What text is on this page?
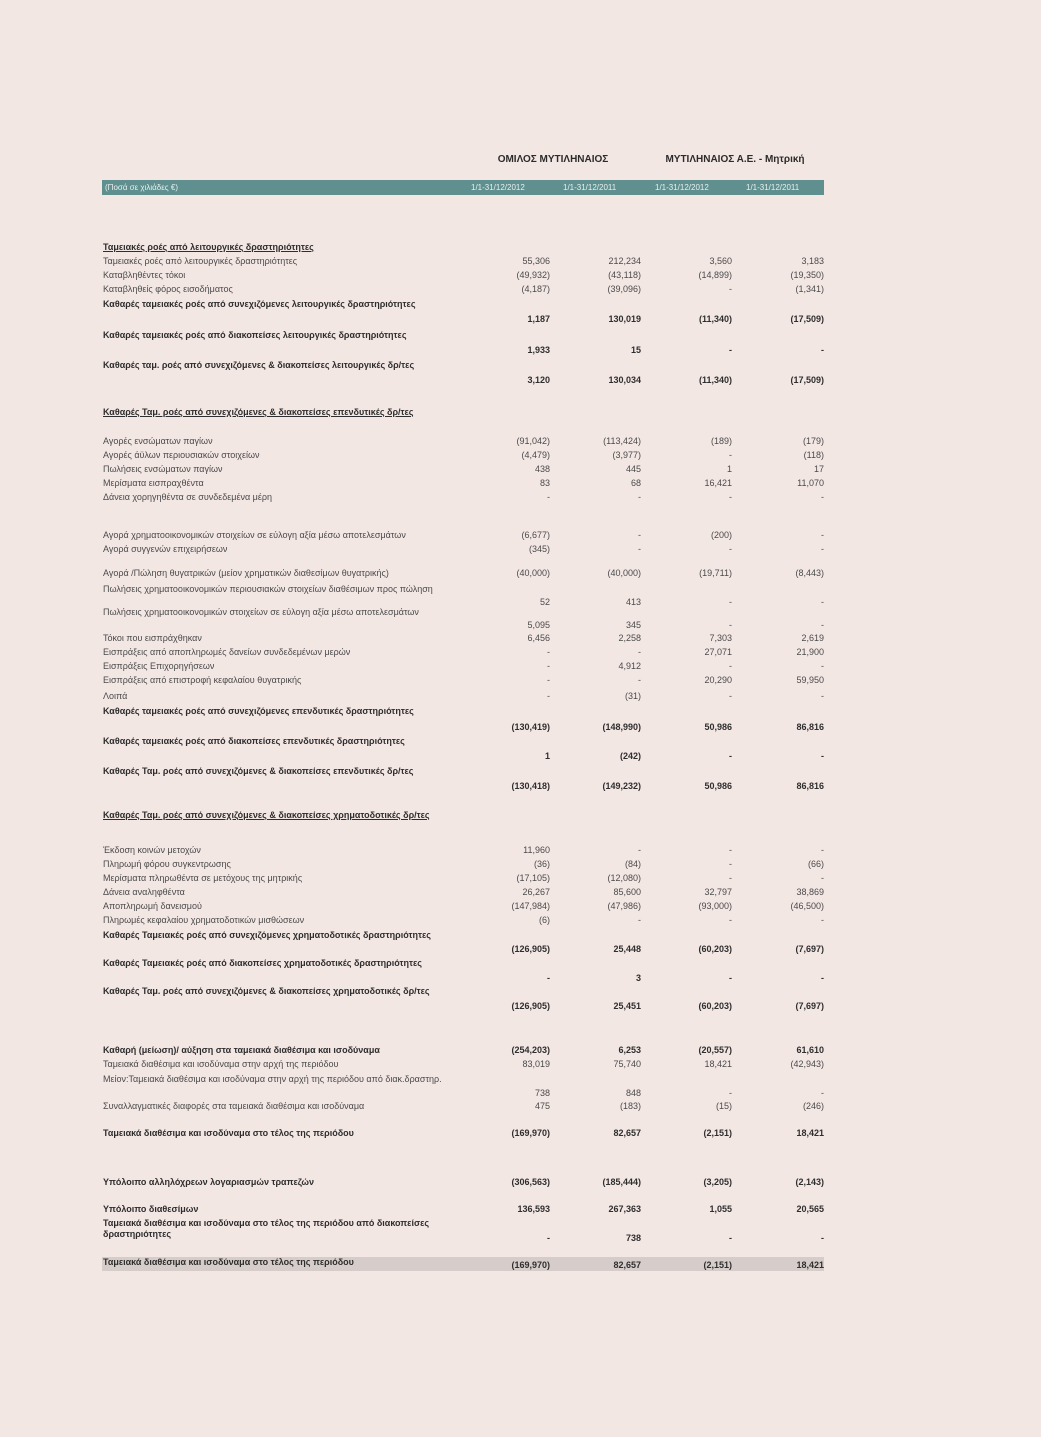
ΟΜΙΛΟΣ ΜΥΤΙΛΗΝΑΙΟΣ	ΜΥΤΙΛΗΝΑΙΟΣ Α.Ε. - Μητρική
(Ποσά σε χιλιάδες €)	1/1-31/12/2012	1/1-31/12/2011	1/1-31/12/2012	1/1-31/12/2011
Ταμειακές ροές από λειτουργικές δραστηριότητες
Ταμειακές ροές από λειτουργικές δραστηριότητες	55,306	212,234	3,560	3,183
Καταβληθέντες τόκοι	(49,932)	(43,118)	(14,899)	(19,350)
Καταβληθείς φόρος εισοδήματος	(4,187)	(39,096)	-	(1,341)
Καθαρές ταμειακές ροές από συνεχιζόμενες λειτουργικές δραστηριότητες
1,187	130,019	(11,340)	(17,509)
Καθαρές ταμειακές ροές από διακοπείσες λειτουργικές δραστηριότητες
1,933	15	-	-
Καθαρές ταμ. ροές από συνεχιζόμενες & διακοπείσες λειτουργικές δρ/τες
3,120	130,034	(11,340)	(17,509)
Καθαρές Ταμ. ροές από συνεχιζόμενες & διακοπείσες επενδυτικές δρ/τες
Αγορές ενσώματων παγίων	(91,042)	(113,424)	(189)	(179)
Αγορές άϋλων περιουσιακών στοιχείων	(4,479)	(3,977)	-	(118)
Πωλήσεις ενσώματων παγίων	438	445	1	17
Μερίσματα εισπραχθέντα	83	68	16,421	11,070
Δάνεια χορηγηθέντα σε συνδεδεμένα μέρη	-	-	-	-
Αγορά χρηματοοικονομικών στοιχείων σε εύλογη αξία μέσω αποτελεσμάτων	(6,677)	-	(200)	-
Αγορά συγγενών επιχειρήσεων	(345)	-	-	-
Αγορά /Πώληση θυγατρικών (μείον χρηματικών διαθεσίμων θυγατρικής)	(40,000)	(40,000)	(19,711)	(8,443)
Πωλήσεις χρηματοοικονομικών περιουσιακών στοιχείων διαθέσιμων προς πώληση
52	413	-	-
Πωλήσεις χρηματοοικονομικών στοιχείων σε εύλογη αξία μέσω αποτελεσμάτων
5,095	345	-	-
Τόκοι που εισπράχθηκαν	6,456	2,258	7,303	2,619
Εισπράξεις από αποπληρωμές δανείων συνδεδεμένων μερών	-	-	27,071	21,900
Εισπράξεις Επιχορηγήσεων	-	4,912	-	-
Εισπράξεις από επιστροφή κεφαλαίου θυγατρικής	-	-	20,290	59,950
Λοιπά	-	(31)	-	-
Καθαρές ταμειακές ροές από συνεχιζόμενες επενδυτικές δραστηριότητες
(130,419)	(148,990)	50,986	86,816
Καθαρές ταμειακές ροές από διακοπείσες επενδυτικές δραστηριότητες
1	(242)	-	-
Καθαρές Ταμ. ροές από συνεχιζόμενες & διακοπείσες επενδυτικές δρ/τες
(130,418)	(149,232)	50,986	86,816
Καθαρές Ταμ. ροές από συνεχιζόμενες & διακοπείσες χρηματοδοτικές δρ/τες
Έκδοση κοινών μετοχών	11,960	-	-	-
Πληρωμή φόρου συγκεντρωσης	(36)	(84)	-	(66)
Μερίσματα πληρωθέντα σε μετόχους της μητρικής	(17,105)	(12,080)	-	-
Δάνεια αναληφθέντα	26,267	85,600	32,797	38,869
Αποπληρωμή δανεισμού	(147,984)	(47,986)	(93,000)	(46,500)
Πληρωμές κεφαλαίου χρηματοδοτικών μισθώσεων	(6)	-	-	-
Καθαρές Ταμειακές ροές από συνεχιζόμενες χρηματοδοτικές δραστηριότητες
(126,905)	25,448	(60,203)	(7,697)
Καθαρές Ταμειακές ροές από διακοπείσες χρηματοδοτικές δραστηριότητες
-	3	-	-
Καθαρές Ταμ. ροές από συνεχιζόμενες & διακοπείσες χρηματοδοτικές δρ/τες
(126,905)	25,451	(60,203)	(7,697)
Καθαρή (μείωση)/ αύξηση στα ταμειακά διαθέσιμα και ισοδύναμα	(254,203)	6,253	(20,557)	61,610
Ταμειακά διαθέσιμα και ισοδύναμα στην αρχή της περιόδου	83,019	75,740	18,421	(42,943)
Μείον:Ταμειακά διαθέσιμα και ισοδύναμα στην αρχή της περιόδου από διακ.δραστηρ.
738	848	-	-
Συναλλαγματικές διαφορές στα ταμειακά διαθέσιμα και ισοδύναμα	475	(183)	(15)	(246)
Ταμειακά διαθέσιμα και ισοδύναμα στο τέλος της περιόδου	(169,970)	82,657	(2,151)	18,421
Υπόλοιπο αλληλόχρεων λογαριασμών τραπεζών	(306,563)	(185,444)	(3,205)	(2,143)
Υπόλοιπο διαθεσίμων	136,593	267,363	1,055	20,565
Ταμειακά διαθέσιμα και ισοδύναμα στο τέλος της περιόδου από διακοπείσες δραστηριότητες	-	738	-	-
Ταμειακά διαθέσιμα και ισοδύναμα στο τέλος της περιόδου	(169,970)	82,657	(2,151)	18,421
